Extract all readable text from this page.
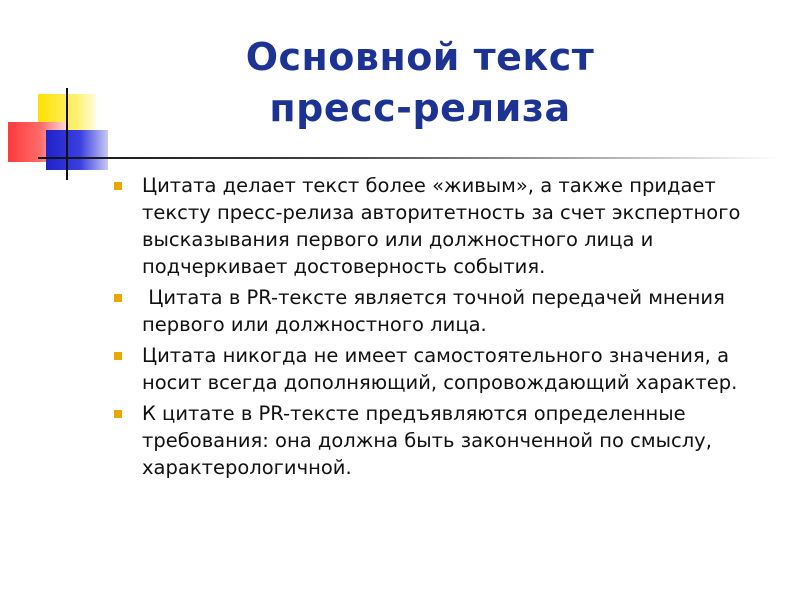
Основной текст
пресс-релиза
Цитата делает текст более «живым», а также придает тексту пресс-релиза авторитетность за счет экспертного высказывания первого или должностного лица и подчеркивает достоверность события.
Цитата в PR-тексте является точной передачей мнения первого или должностного лица.
Цитата никогда не имеет самостоятельного значения, а носит всегда дополняющий, сопровождающий характер.
К цитате в PR-тексте предъявляются определенные требования: она должна быть законченной по смыслу, характерологичной.
